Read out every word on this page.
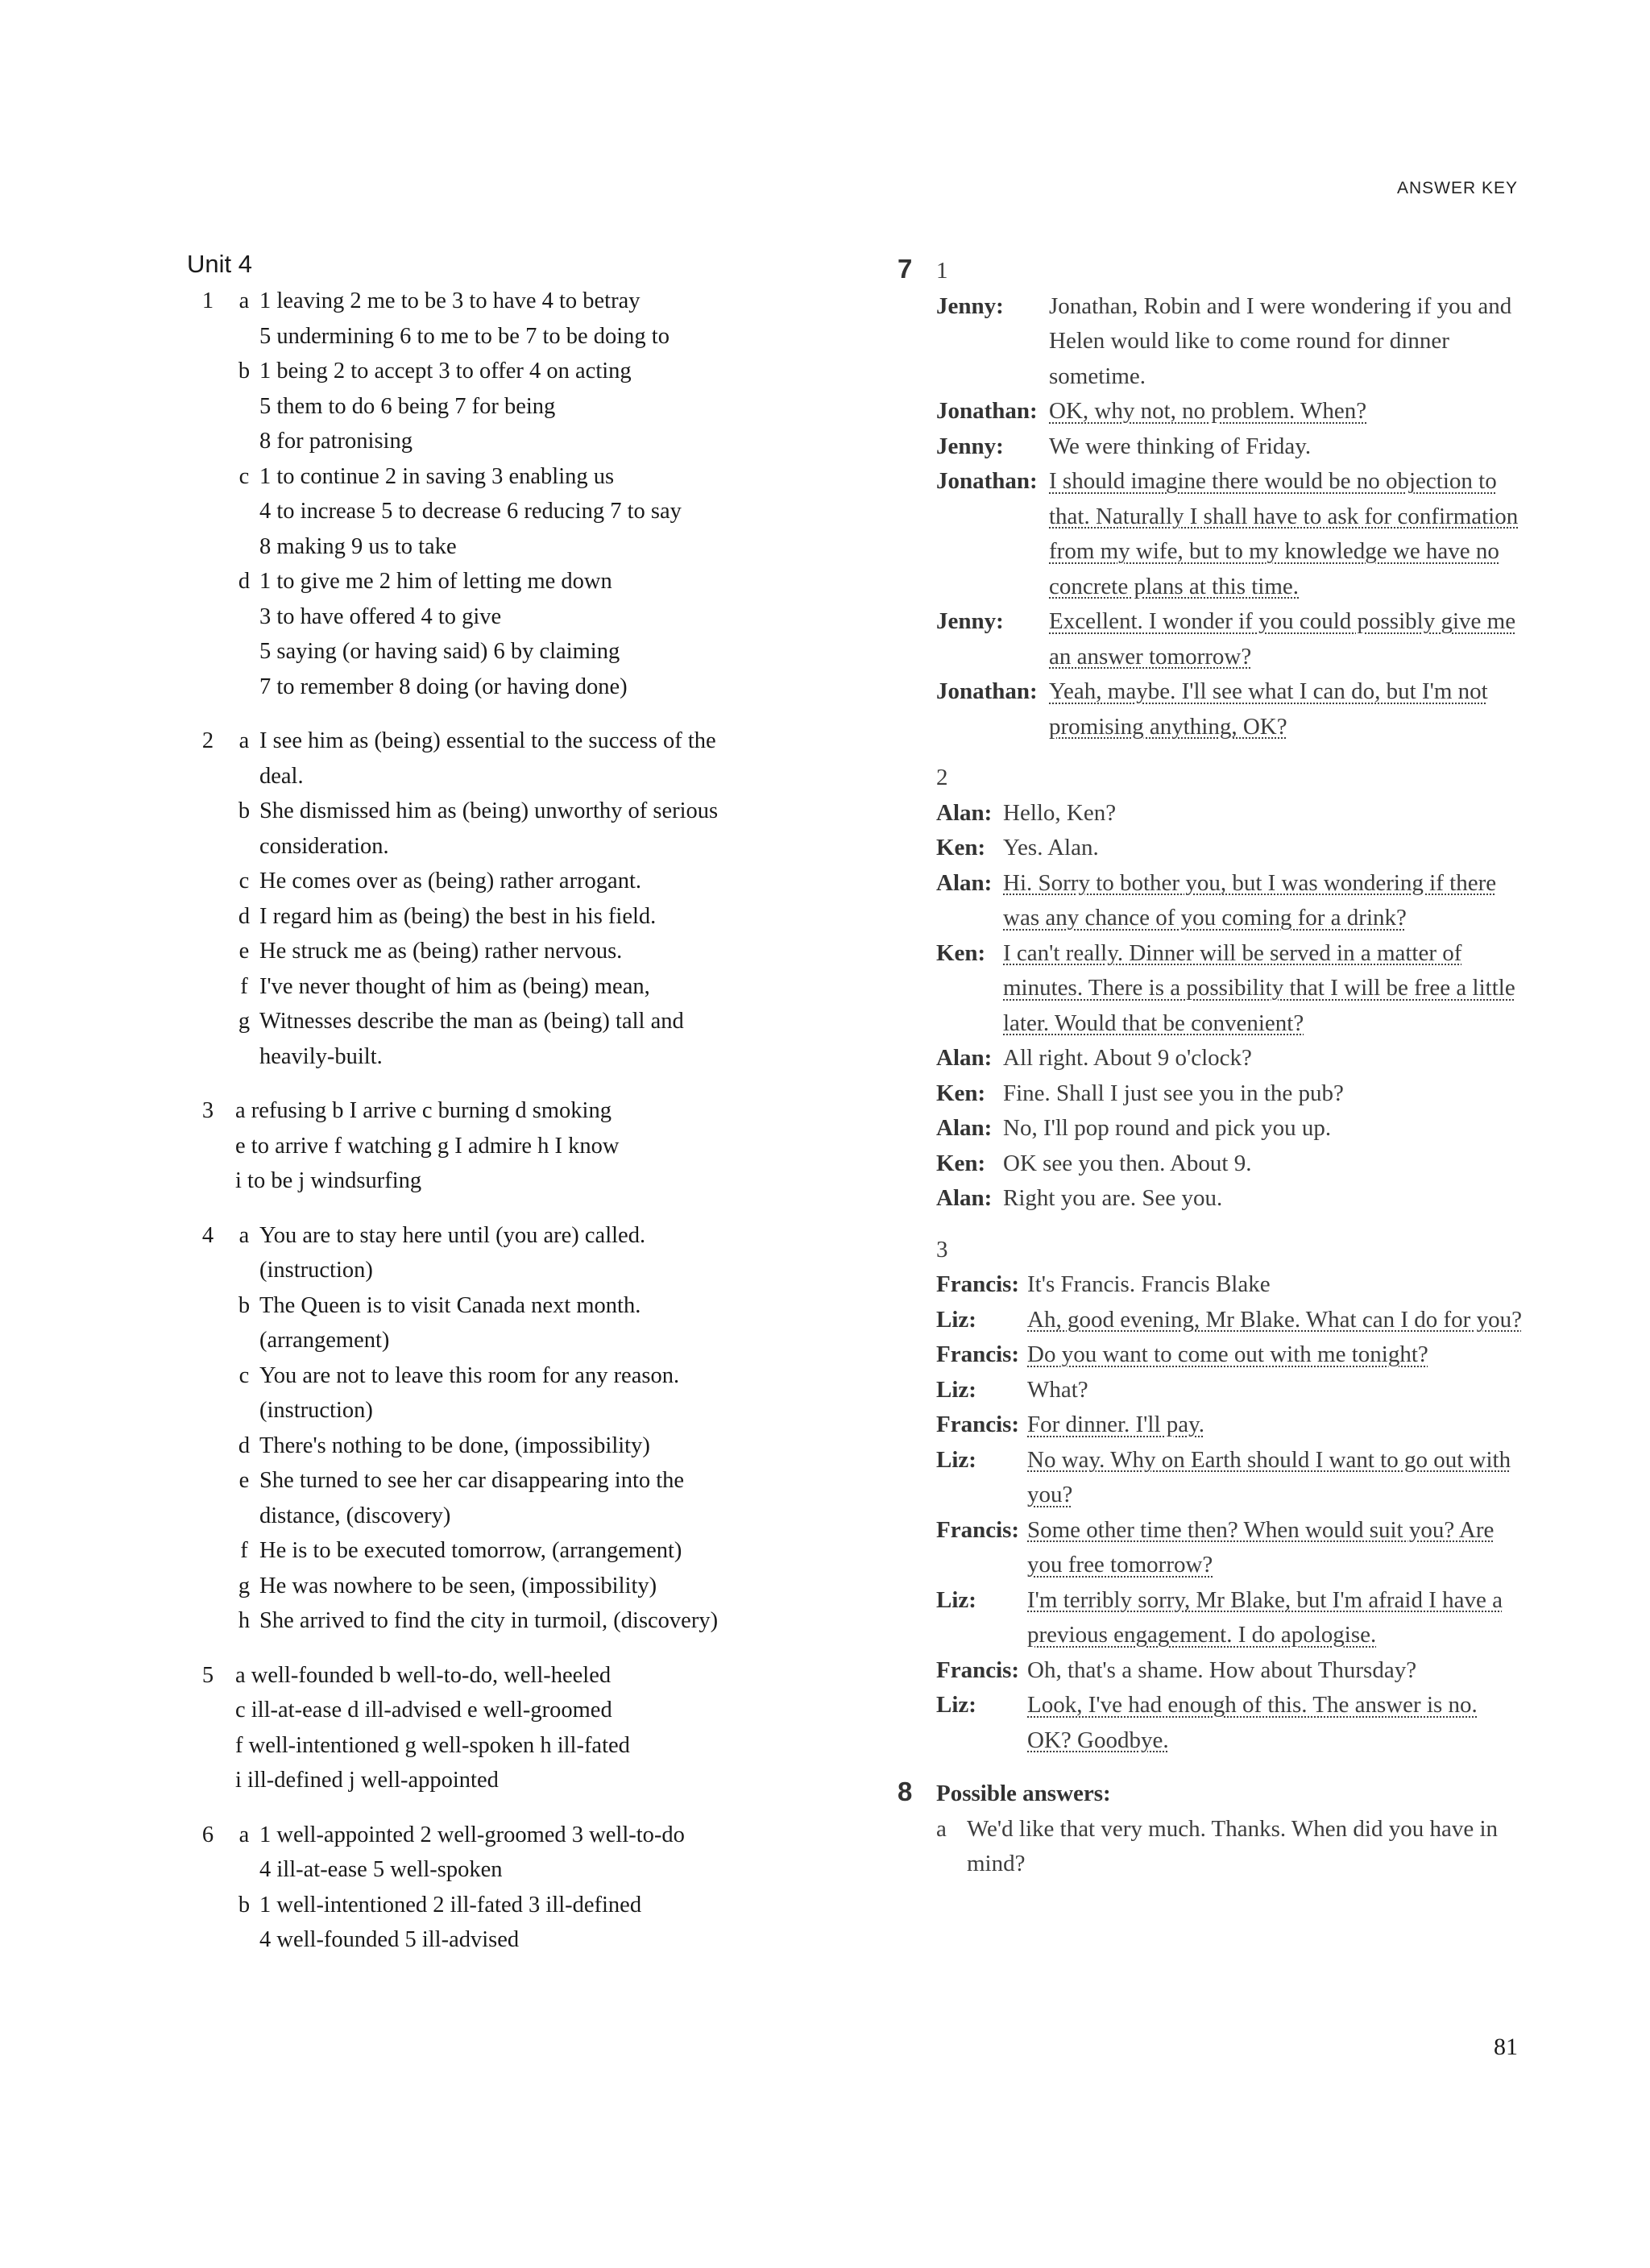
ANSWER KEY
Unit 4
1	a 1 leaving 2 me to be 3 to have 4 to betray
5 undermining 6 to me to be 7 to be doing to
b 1 being 2 to accept 3 to offer 4 on acting
5 them to do 6 being 7 for being
8 for patronising
c 1 to continue 2 in saving 3 enabling us
4 to increase 5 to decrease 6 reducing 7 to say
8 making 9 us to take
d 1 to give me 2 him of letting me down
3 to have offered 4 to give
5 saying (or having said) 6 by claiming
7 to remember 8 doing (or having done)
2	a I see him as (being) essential to the success of the
deal.
b She dismissed him as (being) unworthy of serious
consideration.
c He comes over as (being) rather arrogant.
d I regard him as (being) the best in his field.
e He struck me as (being) rather nervous.
f I've never thought of him as (being) mean,
g Witnesses describe the man as (being) tall and
heavily-built.
3 a refusing b I arrive c burning d smoking
e to arrive f watching g I admire h I know
i to be j windsurfing
4	a You are to stay here until (you are) called.
(instruction)
b The Queen is to visit Canada next month.
(arrangement)
c You are not to leave this room for any reason.
(instruction)
d There's nothing to be done, (impossibility)
e She turned to see her car disappearing into the
distance, (discovery)
f He is to be executed tomorrow, (arrangement)
g He was nowhere to be seen, (impossibility)
h She arrived to find the city in turmoil, (discovery)
5 a well-founded b well-to-do, well-heeled
c ill-at-ease d ill-advised e well-groomed
f well-intentioned g well-spoken h ill-fated
i ill-defined j well-appointed
6	a 1 well-appointed 2 well-groomed 3 well-to-do
4 ill-at-ease 5 well-spoken
b 1 well-intentioned 2 ill-fated 3 ill-defined
4 well-founded 5 ill-advised
7 1
Jenny:	Jonathan, Robin and I were wondering if you and Helen would like to come round for dinner sometime.
Jonathan: OK, why not, no problem. When?
Jenny:	We were thinking of Friday.
Jonathan: I should imagine there would be no objection to that. Naturally I shall have to ask for confirmation from my wife, but to my knowledge we have no concrete plans at this time.
Jenny:	Excellent. I wonder if you could possibly give me an answer tomorrow?
Jonathan: Yeah, maybe. I'll see what I can do, but I'm not promising anything, OK?
2
Alan: Hello, Ken?
Ken: Yes. Alan.
Alan: Hi. Sorry to bother you, but I was wondering if there was any chance of you coming for a drink?
Ken: I can't really. Dinner will be served in a matter of minutes. There is a possibility that I will be free a little later. Would that be convenient?
Alan: All right. About 9 o'clock?
Ken: Fine. Shall I just see you in the pub?
Alan: No, I'll pop round and pick you up.
Ken: OK see you then. About 9.
Alan: Right you are. See you.
3
Francis: It's Francis. Francis Blake
Liz:	Ah, good evening, Mr Blake. What can I do for you?
Francis: Do you want to come out with me tonight?
Liz:	What?
Francis: For dinner. I'll pay.
Liz:	No way. Why on Earth should I want to go out with you?
Francis: Some other time then? When would suit you? Are you free tomorrow?
Liz:	I'm terribly sorry, Mr Blake, but I'm afraid I have a previous engagement. I do apologise.
Francis: Oh, that's a shame. How about Thursday?
Liz:	Look, I've had enough of this. The answer is no. OK? Goodbye.
8 Possible answers:
a We'd like that very much. Thanks. When did you have in mind?
81
